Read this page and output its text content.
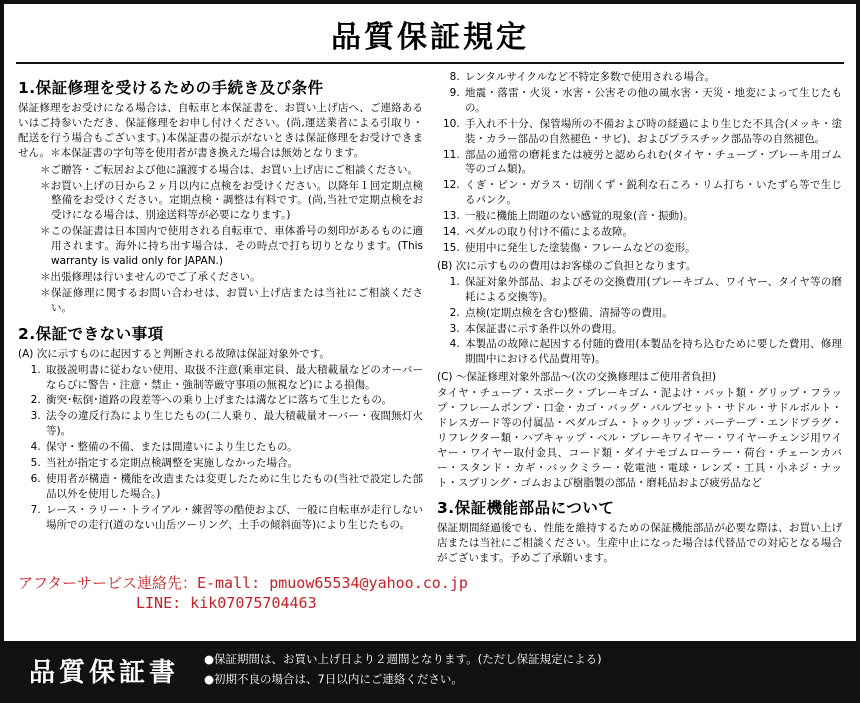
品質保証規定
1.保証修理を受けるための手続き及び条件

保証修理をお受けになる場合は、自転車と本保証書を、お買い上げ店へ、ご連絡あるいはご持参いただき、保証修理をお申し付けください。(尚,運送業者による引取り・配送を行う場合もございます。)本保証書の提示がないときは保証修理をお受けできません。＊本保証書の字句等を使用者が書き換えた場合は無効となります。

＊ご贈答・ご転居および他に譲渡する場合は、お買い上げ店にご相談ください。
＊お買い上げの日から２ヶ月以内に点検をお受けください。以降年１回定期点検整備をお受けください。定期点検・調整は有料です。(尚,当社で定期点検をお受けになる場合は、別途送料等が必要になります。)
＊この保証書は日本国内で使用される自転車で、車体番号の刻印があるものに適用されます。海外に持ち出す場合は、その時点で打ち切りとなります。(This warranty is valid only for JAPAN.)
＊出張修理は行いませんのでご了承ください。
＊保証修理に関するお問い合わせは、お買い上げ店または当社にご相談ください。
2.保証できない事項

(A) 次に示すものに起因すると判断される故障は保証対象外です。

1. 取扱説明書に従わない使用、取扱不注意(乗車定員、最大積載量などのオーバーならびに警告・注意・禁止・強制等厳守事項の無視など)による損傷。
2. 衝突･転倒･道路の段差等への乗り上げまたは溝などに落ちて生じたもの。
3. 法令の違反行為により生じたもの(二人乗り、最大積載量オーバー・夜間無灯火等)。
4. 保守・整備の不備、または間違いにより生じたもの。
5. 当社が指定する定期点検調整を実施しなかった場合。
6. 使用者が構造・機能を改造または変更したために生じたもの(当社で設定した部品以外を使用した場合。)
7. レース・ラリー・トライアル・練習等の酷使および、一般に自転車が走行しない場所での走行(道のない山岳ツーリング、土手の傾斜面等)により生じたもの。
8. レンタルサイクルなど不特定多数で使用される場合。
9. 地震・落雷・火災・水害・公害その他の風水害・天災・地変によって生じたもの。
10. 手入れ不十分、保管場所の不備および時の経過により生じた不具合(メッキ・塗装・カラー部品の自然褪色・サビ)、およびプラスチック部品等の自然褪色。
11. 部品の通常の磨耗または疲労と認められむ(タイヤ・チューブ・ブレーキ用ゴム等のゴム類)。
12. くぎ・ピン・ガラス・切削くず・鋭利な石ころ・リム打ち・いたずら等で生じるパンク。
13. 一般に機能上問題のない感覚的現象(音・振動)。
14. ペダルの取り付け不備による故障。
15. 使用中に発生した塗装傷・フレームなどの変形。

(B) 次に示すものの費用はお客様のご負担となります。

1. 保証対象外部品、およびその交換費用(ブレーキゴム、ワイヤー、タイヤ等の磨耗による交換等)。
2. 点検(定期点検を含む)整備、清掃等の費用。
3. 本保証書に示す条件以外の費用。
4. 本製品の故障に起因する付随的費用(本製品を持ち込むために要した費用、修理期間中における代品費用等)。

(C) ～保証修理対象外部品～(次の交換修理はご使用者負担)

タイヤ・チューブ・スポーク・ブレーキゴム・泥よけ・バット類・グリップ・フラップ・フレームポンプ・口金・カゴ・バッグ・バルブセット・サドル・サドルボルト・ドレスガード等の付属品・ペダルゴム・トゥクリップ・バーテープ・エンドプラグ・リフレクター類・ハブキャップ・ベル・ブレーキワイヤー・ワイヤーチェンジ用ワイヤー・ワイヤー取付金具、コード類・ダイナモゴムローラー・荷台・チェーンカバー・スタンド・カギ・バックミラー・乾電池・電球・レンズ・工具・小ネジ・ナット・スプリング・ゴムおよび樹脂製の部品・磨耗品および疲労品など

3.保証機能部品について

保証期間経過後でも、性能を維持するための保証機能部品が必要な際は、お買い上げ店または当社にご相談ください。生産中止になった場合は代替品での対応となる場合がございます。予めご了承願います。

アフターサービス連絡先：E-mall: pmuow65534@yahoo.co.jp
LINE: kik07075704463
品質保証書	●保証期間は、お買い上げ日より２週間となります。(ただし保証規定による)
●初期不良の場合は、7日以内にご連絡ください。
